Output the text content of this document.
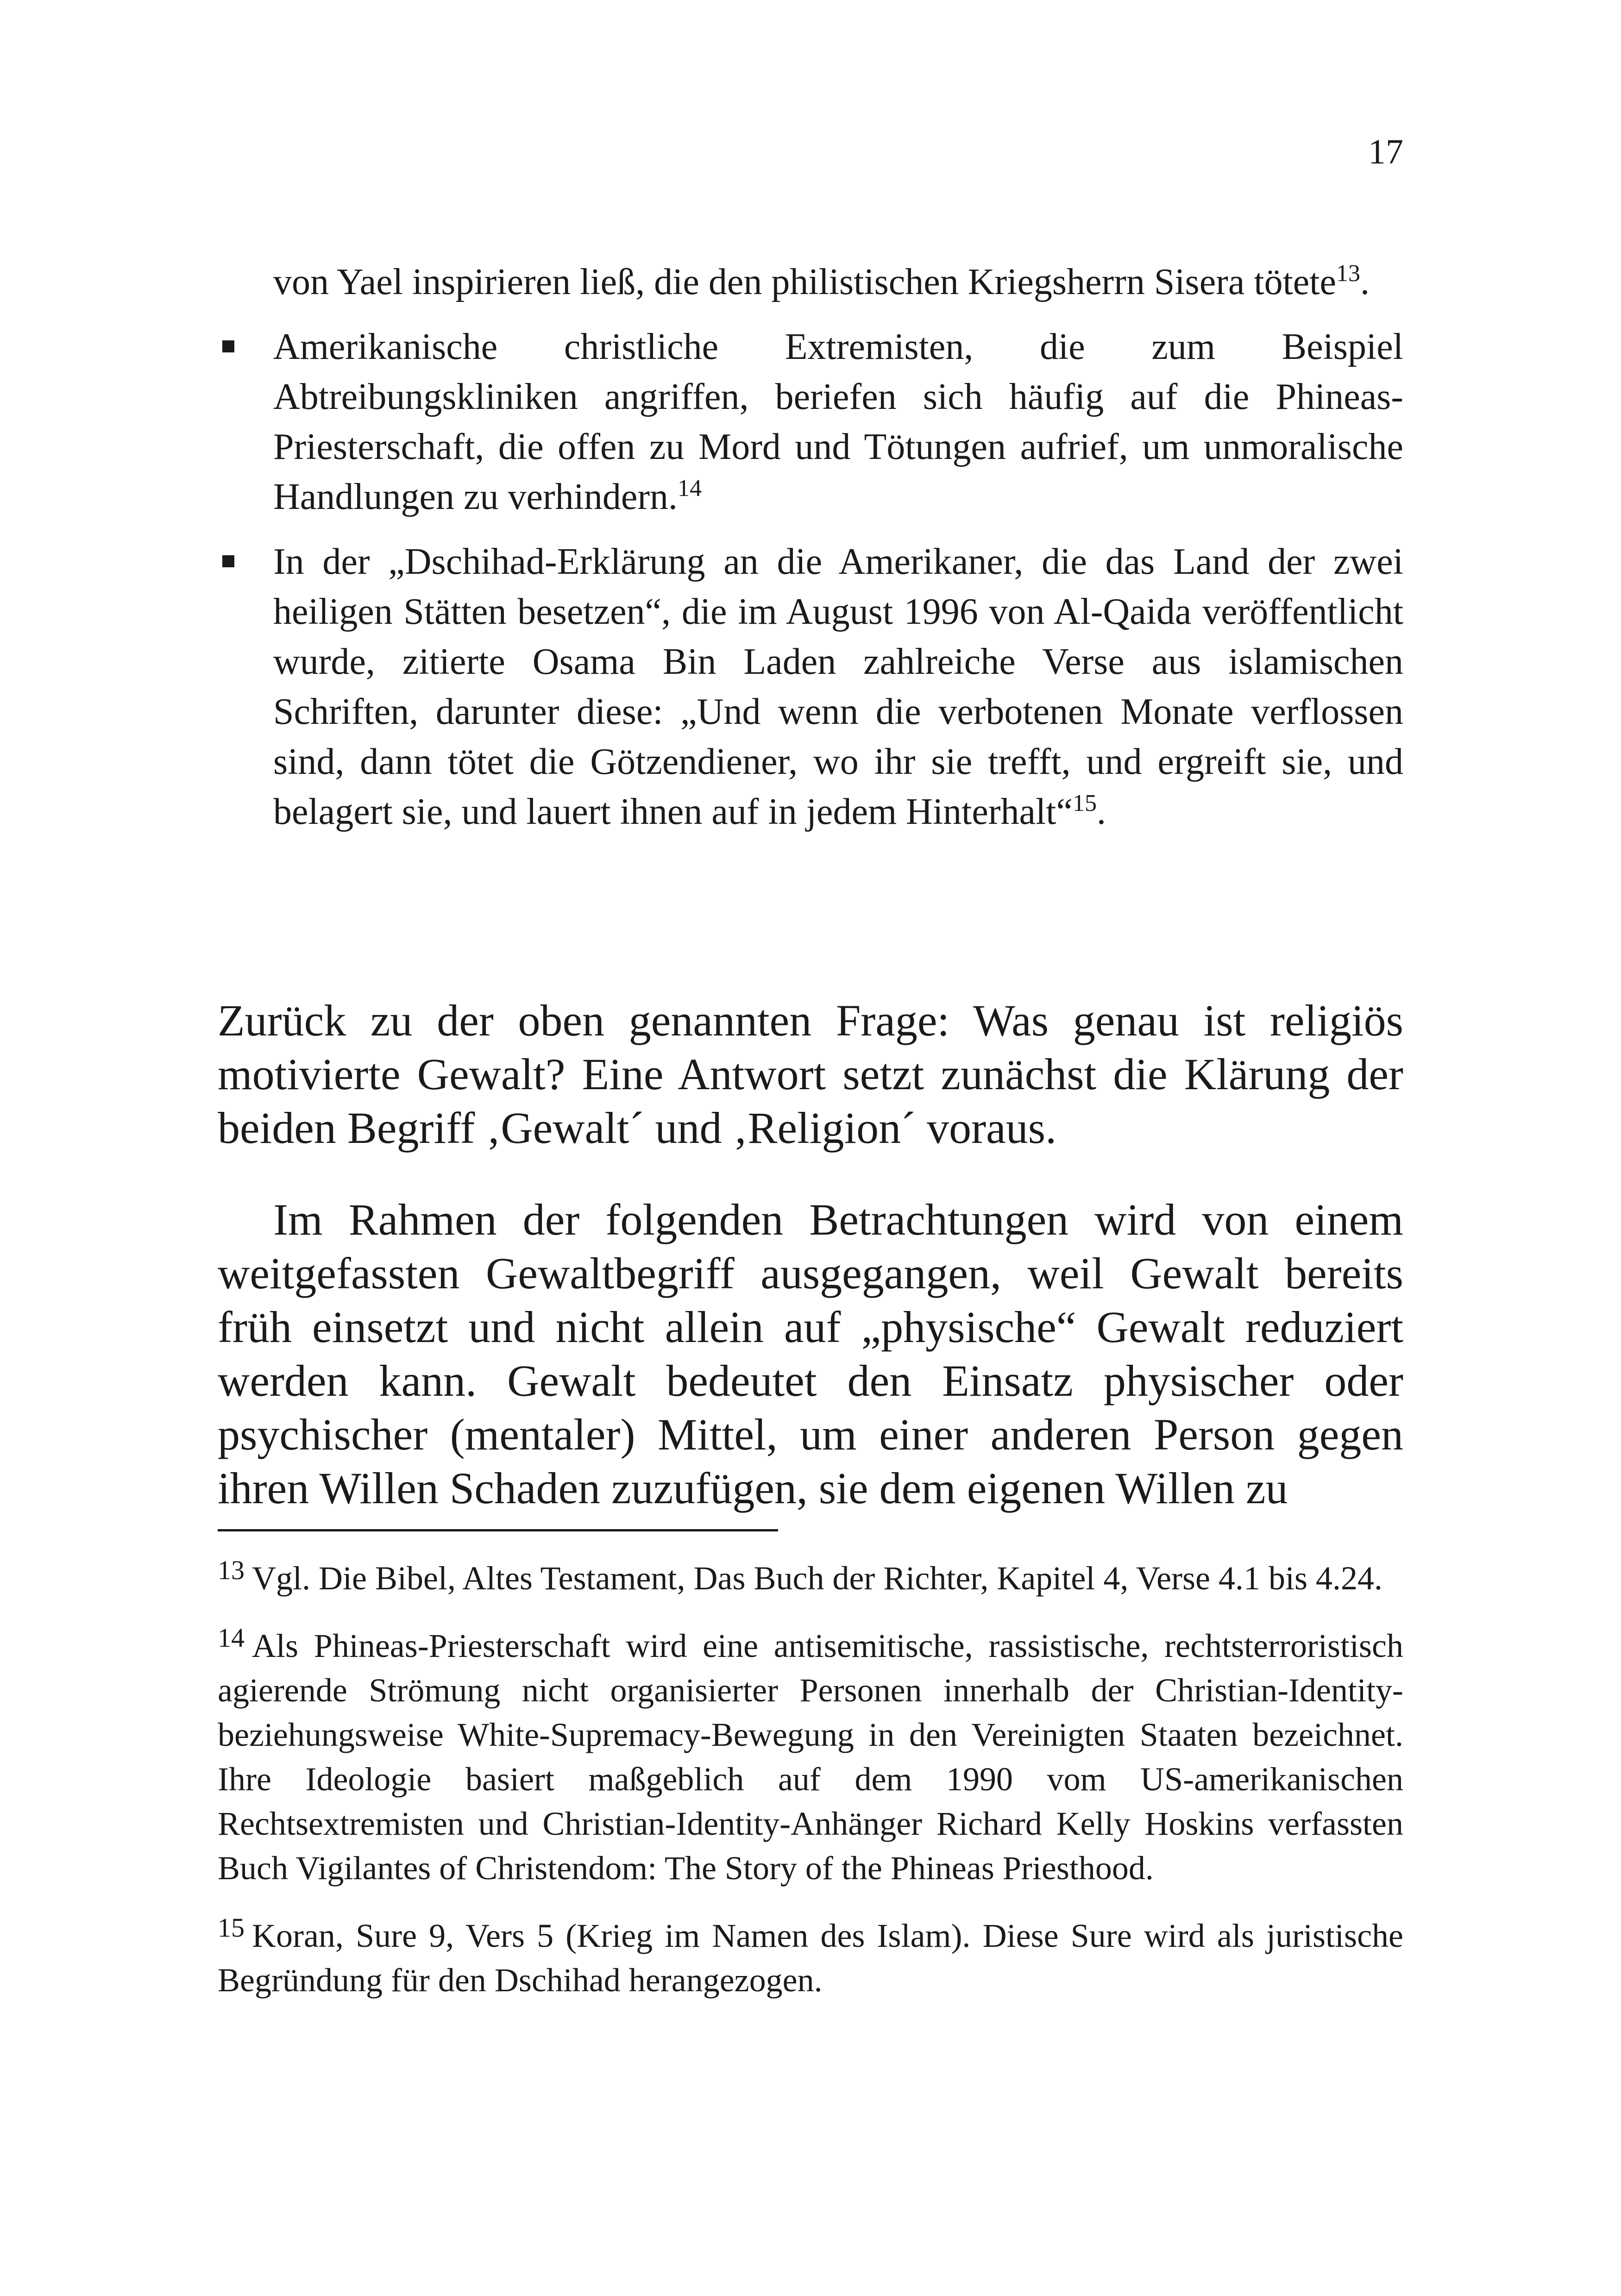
17
von Yael inspirieren ließ, die den philistischen Kriegsherrn Sisera tötete$^{13}$.
Amerikanische christliche Extremisten, die zum Beispiel Abtreibungskliniken angriffen, beriefen sich häufig auf die Phineas-Priesterschaft, die offen zu Mord und Tötungen aufrief, um unmoralische Handlungen zu verhindern.$^{14}$
In der „Dschihad-Erklärung an die Amerikaner, die das Land der zwei heiligen Stätten besetzen“, die im August 1996 von Al-Qaida veröffentlicht wurde, zitierte Osama Bin Laden zahlreiche Verse aus islamischen Schriften, darunter diese: „Und wenn die verbotenen Monate verflossen sind, dann tötet die Götzendiener, wo ihr sie trefft, und ergreift sie, und belagert sie, und lauert ihnen auf in jedem Hinterhalt“$^{15}$.

Zurück zu der oben genannten Frage: Was genau ist religiös motivierte Gewalt? Eine Antwort setzt zunächst die Klärung der beiden Begriff ‚Gewalt´ und ‚Religion´ voraus.

Im Rahmen der folgenden Betrachtungen wird von einem weitgefassten Gewaltbegriff ausgegangen, weil Gewalt bereits früh einsetzt und nicht allein auf „physische“ Gewalt reduziert werden kann. Gewalt bedeutet den Einsatz physischer oder psychischer (mentaler) Mittel, um einer anderen Person gegen ihren Willen Schaden zuzufügen, sie dem eigenen Willen zu

$^{13}$ Vgl. Die Bibel, Altes Testament, Das Buch der Richter, Kapitel 4, Verse 4.1 bis 4.24.
$^{14}$ Als Phineas-Priesterschaft wird eine antisemitische, rassistische, rechtsterroristisch agierende Strömung nicht organisierter Personen innerhalb der Christian-Identity- beziehungsweise White-Supremacy-Bewegung in den Vereinigten Staaten bezeichnet. Ihre Ideologie basiert maßgeblich auf dem 1990 vom US-amerikanischen Rechtsextremisten und Christian-Identity-Anhänger Richard Kelly Hoskins verfassten Buch Vigilantes of Christendom: The Story of the Phineas Priesthood.
$^{15}$ Koran, Sure 9, Vers 5 (Krieg im Namen des Islam). Diese Sure wird als juristische Begründung für den Dschihad herangezogen.
